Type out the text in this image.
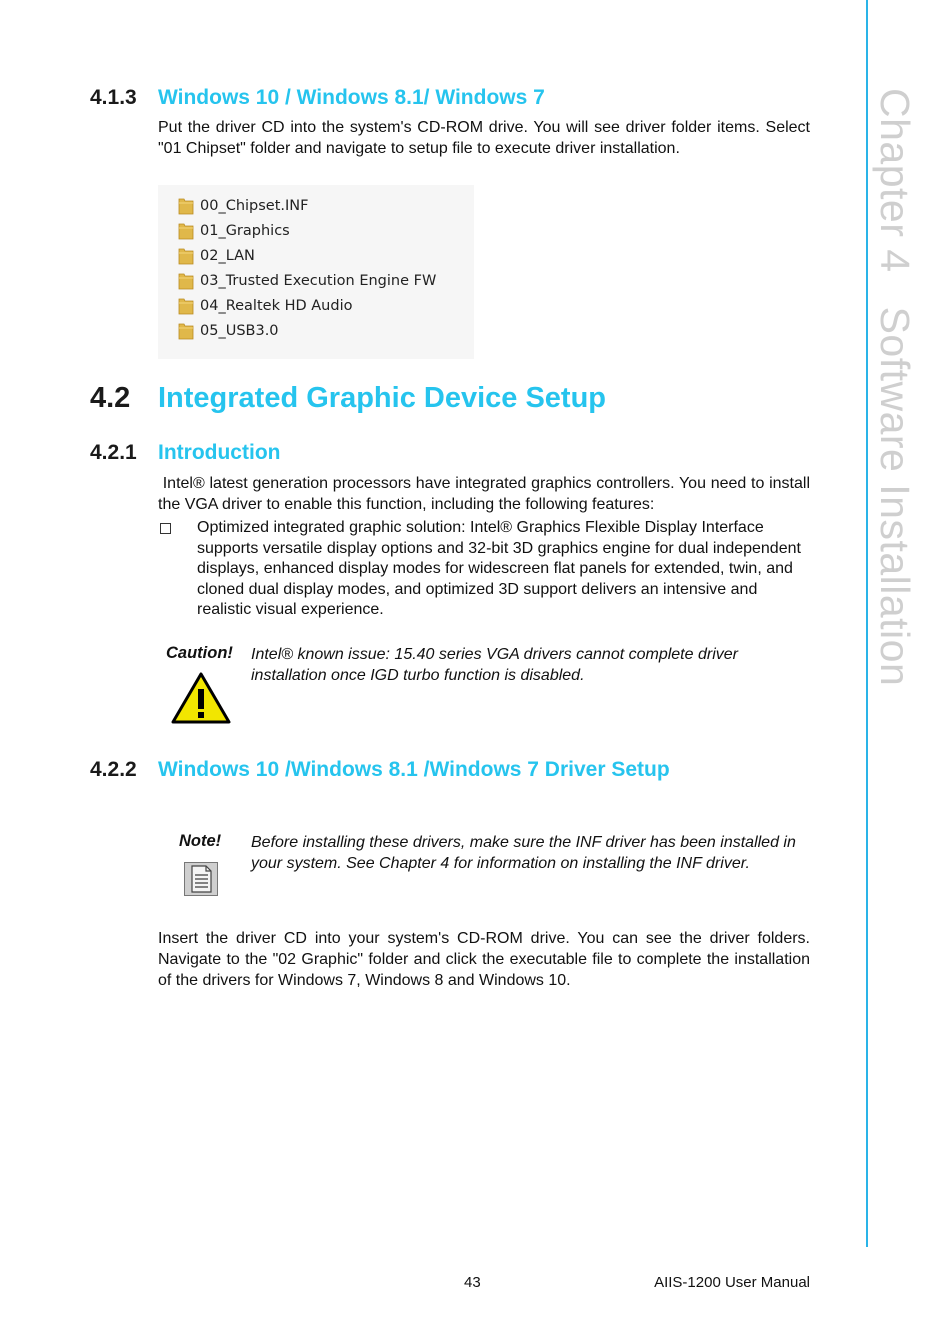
Chapter 4Software Installation
4.1.3 Windows 10 / Windows 8.1/ Windows 7
Put the driver CD into the system's CD-ROM drive. You will see driver folder items. Select "01 Chipset" folder and navigate to setup file to execute driver installation.
00_Chipset.INF
01_Graphics
02_LAN
03_Trusted Execution Engine FW
04_Realtek HD Audio
05_USB3.0
4.2 Integrated Graphic Device Setup
4.2.1 Introduction
Intel® latest generation processors have integrated graphics controllers. You need to install the VGA driver to enable this function, including the following features:
Optimized integrated graphic solution: Intel® Graphics Flexible Display Interface supports versatile display options and 32-bit 3D graphics engine for dual independent displays, enhanced display modes for widescreen flat panels for extended, twin, and cloned dual display modes, and optimized 3D support delivers an intensive and realistic visual experience.
Caution! Intel® known issue: 15.40 series VGA drivers cannot complete driver installation once IGD turbo function is disabled.
4.2.2 Windows 10 /Windows 8.1 /Windows 7 Driver Setup
Note! Before installing these drivers, make sure the INF driver has been installed in your system. See Chapter 4 for information on installing the INF driver.
Insert the driver CD into your system's CD-ROM drive. You can see the driver folders. Navigate to the "02 Graphic" folder and click the executable file to complete the installation of the drivers for Windows 7, Windows 8 and Windows 10.
43	AIIS-1200 User Manual
